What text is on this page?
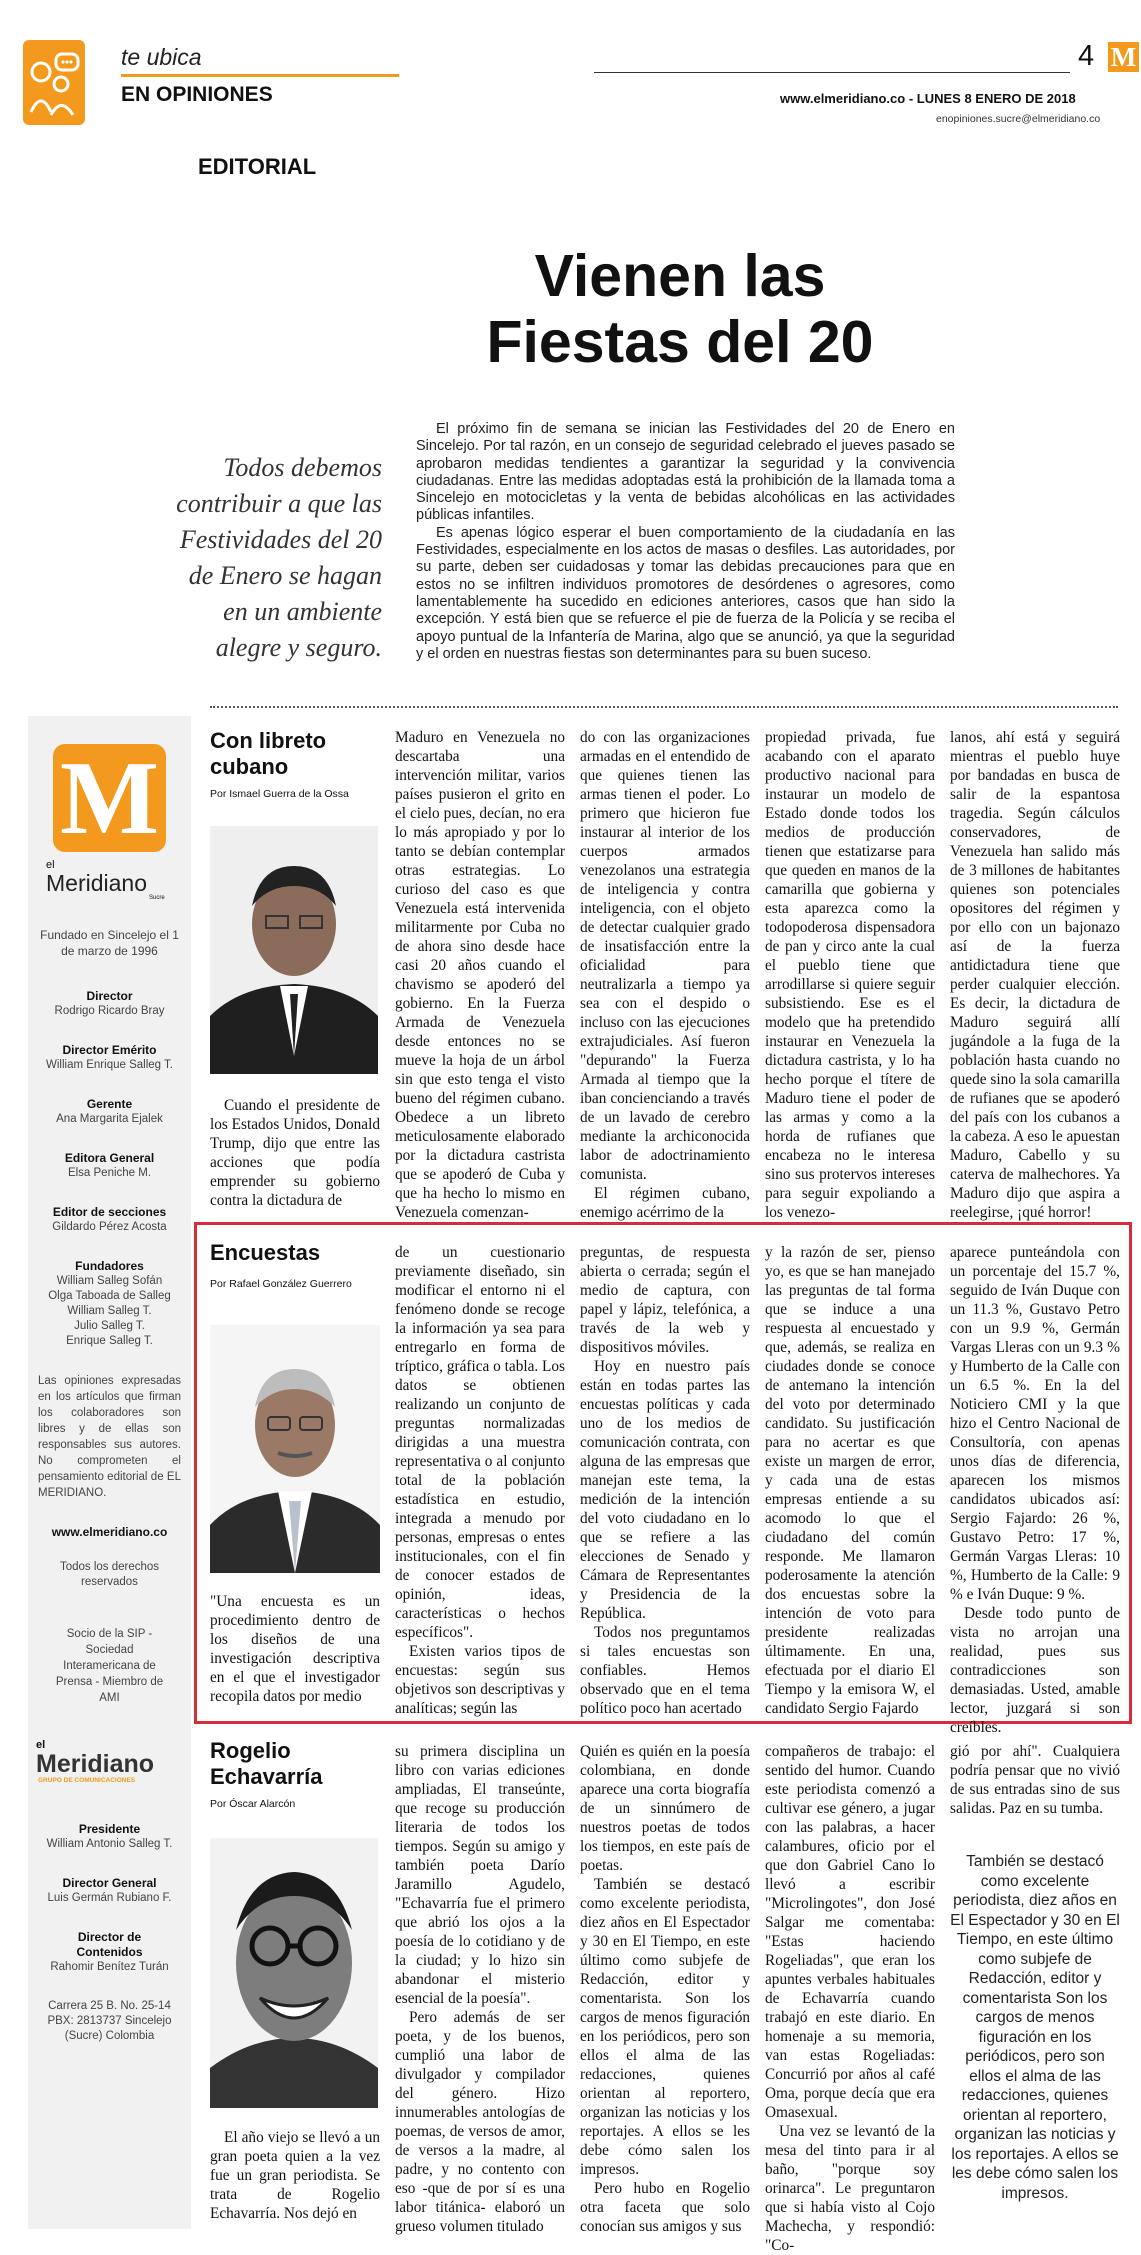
te ubica
EN OPINIONES
4 M
www.elmeridiano.co - LUNES 8 ENERO DE 2018
enopiniones.sucre@elmeridiano.co
EDITORIAL
Vienen las
Fiestas del 20
Todos debemos contribuir a que las Festividades del 20 de Enero se hagan en un ambiente alegre y seguro.

El próximo fin de semana se inician las Festividades del 20 de Enero en Sincelejo. Por tal razón, en un consejo de seguridad celebrado el jueves pasado se aprobaron medidas tendientes a garantizar la seguridad y la convivencia ciudadanas. Entre las medidas adoptadas está la prohibición de la llamada toma a Sincelejo en motocicletas y la venta de bebidas alcohólicas en las actividades públicas infantiles.

Es apenas lógico esperar el buen comportamiento de la ciudadanía en las Festividades, especialmente en los actos de masas o desfiles. Las autoridades, por su parte, deben ser cuidadosas y tomar las debidas precauciones para que en estos no se infiltren individuos promotores de desórdenes o agresores, como lamentablemente ha sucedido en ediciones anteriores, casos que han sido la excepción. Y está bien que se refuerce el pie de fuerza de la Policía y se reciba el apoyo puntual de la Infantería de Marina, algo que se anunció, ya que la seguridad y el orden en nuestras fiestas son determinantes para su buen suceso.

M
el
Meridiano
Sucre
Fundado en Sincelejo el 1 de marzo de 1996
Director
Rodrigo Ricardo Bray
Director Emérito
William Enrique Salleg T.
Gerente
Ana Margarita Ejalek
Editora General
Elsa Peniche M.
Editor de secciones
Gildardo Pérez Acosta
Fundadores
William Salleg Sofán
Olga Taboada de Salleg
William Salleg T.
Julio Salleg T.
Enrique Salleg T.
Las opiniones expresadas en los artículos que firman los colaboradores son libres y de ellas son responsables sus autores. No comprometen el pensamiento editorial de EL MERIDIANO.
www.elmeridiano.co
Todos los derechos reservados
Socio de la SIP - Sociedad Interamericana de Prensa - Miembro de AMI
el
Meridiano
GRUPO DE COMUNICACIONES
Presidente
William Antonio Salleg T.
Director General
Luis Germán Rubiano F.
Director de Contenidos
Rahomir Benítez Turán
Carrera 25 B. No. 25-14 PBX: 2813737 Sincelejo (Sucre) Colombia
Con libreto cubano
Por Ismael Guerra de la Ossa

Cuando el presidente de los Estados Unidos, Donald Trump, dijo que entre las acciones que podía emprender su gobierno contra la dictadura de

Maduro en Venezuela no descartaba una intervención militar, varios países pusieron el grito en el cielo pues, decían, no era lo más apropiado y por lo tanto se debían contemplar otras estrategias. Lo curioso del caso es que Venezuela está intervenida militarmente por Cuba no de ahora sino desde hace casi 20 años cuando el chavismo se apoderó del gobierno. En la Fuerza Armada de Venezuela desde entonces no se mueve la hoja de un árbol sin que esto tenga el visto bueno del régimen cubano. Obedece a un libreto meticulosamente elaborado por la dictadura castrista que se apoderó de Cuba y que ha hecho lo mismo en Venezuela comenzan-

do con las organizaciones armadas en el entendido de que quienes tienen las armas tienen el poder. Lo primero que hicieron fue instaurar al interior de los cuerpos armados venezolanos una estrategia de inteligencia y contra inteligencia, con el objeto de detectar cualquier grado de insatisfacción entre la oficialidad para neutralizarla a tiempo ya sea con el despido o incluso con las ejecuciones extrajudiciales. Así fueron "depurando" la Fuerza Armada al tiempo que la iban concienciando a través de un lavado de cerebro mediante la archiconocida labor de adoctrinamiento comunista.

El régimen cubano, enemigo acérrimo de la

propiedad privada, fue acabando con el aparato productivo nacional para instaurar un modelo de Estado donde todos los medios de producción tienen que estatizarse para que queden en manos de la camarilla que gobierna y esta aparezca como la todopoderosa dispensadora de pan y circo ante la cual el pueblo tiene que arrodillarse si quiere seguir subsistiendo. Ese es el modelo que ha pretendido instaurar en Venezuela la dictadura castrista, y lo ha hecho porque el títere de Maduro tiene el poder de las armas y como a la horda de rufianes que encabeza no le interesa sino sus protervos intereses para seguir expoliando a los venezo-

lanos, ahí está y seguirá mientras el pueblo huye por bandadas en busca de salir de la espantosa tragedia. Según cálculos conservadores, de Venezuela han salido más de 3 millones de habitantes quienes son potenciales opositores del régimen y por ello con un bajonazo así de la fuerza antidictadura tiene que perder cualquier elección. Es decir, la dictadura de Maduro seguirá allí jugándole a la fuga de la población hasta cuando no quede sino la sola camarilla de rufianes que se apoderó del país con los cubanos a la cabeza. A eso le apuestan Maduro, Cabello y su caterva de malhechores. Ya Maduro dijo que aspira a reelegirse, ¡qué horror!

Encuestas
Por Rafael González Guerrero

"Una encuesta es un procedimiento dentro de los diseños de una investigación descriptiva en el que el investigador recopila datos por medio

de un cuestionario previamente diseñado, sin modificar el entorno ni el fenómeno donde se recoge la información ya sea para entregarlo en forma de tríptico, gráfica o tabla. Los datos se obtienen realizando un conjunto de preguntas normalizadas dirigidas a una muestra representativa o al conjunto total de la población estadística en estudio, integrada a menudo por personas, empresas o entes institucionales, con el fin de conocer estados de opinión, ideas, características o hechos específicos".

Existen varios tipos de encuestas: según sus objetivos son descriptivas y analíticas; según las

preguntas, de respuesta abierta o cerrada; según el medio de captura, con papel y lápiz, telefónica, a través de la web y dispositivos móviles.

Hoy en nuestro país están en todas partes las encuestas políticas y cada uno de los medios de comunicación contrata, con alguna de las empresas que manejan este tema, la medición de la intención del voto ciudadano en lo que se refiere a las elecciones de Senado y Cámara de Representantes y Presidencia de la República.

Todos nos preguntamos si tales encuestas son confiables. Hemos observado que en el tema político poco han acertado

y la razón de ser, pienso yo, es que se han manejado las preguntas de tal forma que se induce a una respuesta al encuestado y que, además, se realiza en ciudades donde se conoce de antemano la intención del voto por determinado candidato. Su justificación para no acertar es que existe un margen de error, y cada una de estas empresas entiende a su acomodo lo que el ciudadano del común responde. Me llamaron poderosamente la atención dos encuestas sobre la intención de voto para presidente realizadas últimamente. En una, efectuada por el diario El Tiempo y la emisora W, el candidato Sergio Fajardo

aparece punteándola con un porcentaje del 15.7 %, seguido de Iván Duque con un 11.3 %, Gustavo Petro con un 9.9 %, Germán Vargas Lleras con un 9.3 % y Humberto de la Calle con un 6.5 %. En la del Noticiero CMI y la que hizo el Centro Nacional de Consultoría, con apenas unos días de diferencia, aparecen los mismos candidatos ubicados así: Sergio Fajardo: 26 %, Gustavo Petro: 17 %, Germán Vargas Lleras: 10 %, Humberto de la Calle: 9 % e Iván Duque: 9 %.

Desde todo punto de vista no arrojan una realidad, pues sus contradicciones son demasiadas. Usted, amable lector, juzgará si son creíbles.

Rogelio Echavarría
Por Óscar Alarcón

El año viejo se llevó a un gran poeta quien a la vez fue un gran periodista. Se trata de Rogelio Echavarría. Nos dejó en

su primera disciplina un libro con varias ediciones ampliadas, El transeúnte, que recoge su producción literaria de todos los tiempos. Según su amigo y también poeta Darío Jaramillo Agudelo, "Echavarría fue el primero que abrió los ojos a la poesía de lo cotidiano y de la ciudad; y lo hizo sin abandonar el misterio esencial de la poesía".

Pero además de ser poeta, y de los buenos, cumplió una labor de divulgador y compilador del género. Hizo innumerables antologías de poemas, de versos de amor, de versos a la madre, al padre, y no contento con eso -que de por sí es una labor titánica- elaboró un grueso volumen titulado

Quién es quién en la poesía colombiana, en donde aparece una corta biografía de un sinnúmero de nuestros poetas de todos los tiempos, en este país de poetas.

También se destacó como excelente periodista, diez años en El Espectador y 30 en El Tiempo, en este último como subjefe de Redacción, editor y comentarista. Son los cargos de menos figuración en los periódicos, pero son ellos el alma de las redacciones, quienes orientan al reportero, organizan las noticias y los reportajes. A ellos se les debe cómo salen los impresos.

Pero hubo en Rogelio otra faceta que solo conocían sus amigos y sus

compañeros de trabajo: el sentido del humor. Cuando este periodista comenzó a cultivar ese género, a jugar con las palabras, a hacer calambures, oficio por el que don Gabriel Cano lo llevó a escribir "Microlingotes", don José Salgar me comentaba: "Estas haciendo Rogeliadas", que eran los apuntes verbales habituales de Echavarría cuando trabajó en este diario. En homenaje a su memoria, van estas Rogeliadas: Concurrió por años al café Oma, porque decía que era Omasexual.

Una vez se levantó de la mesa del tinto para ir al baño, "porque soy orinarca". Le preguntaron que si había visto al Cojo Machecha, y respondió: "Co-

gió por ahí". Cualquiera podría pensar que no vivió de sus entradas sino de sus salidas. Paz en su tumba.

También se destacó como excelente periodista, diez años en El Espectador y 30 en El Tiempo, en este último como subjefe de Redacción, editor y comentarista Son los cargos de menos figuración en los periódicos, pero son ellos el alma de las redacciones, quienes orientan al reportero, organizan las noticias y los reportajes. A ellos se les debe cómo salen los impresos.
